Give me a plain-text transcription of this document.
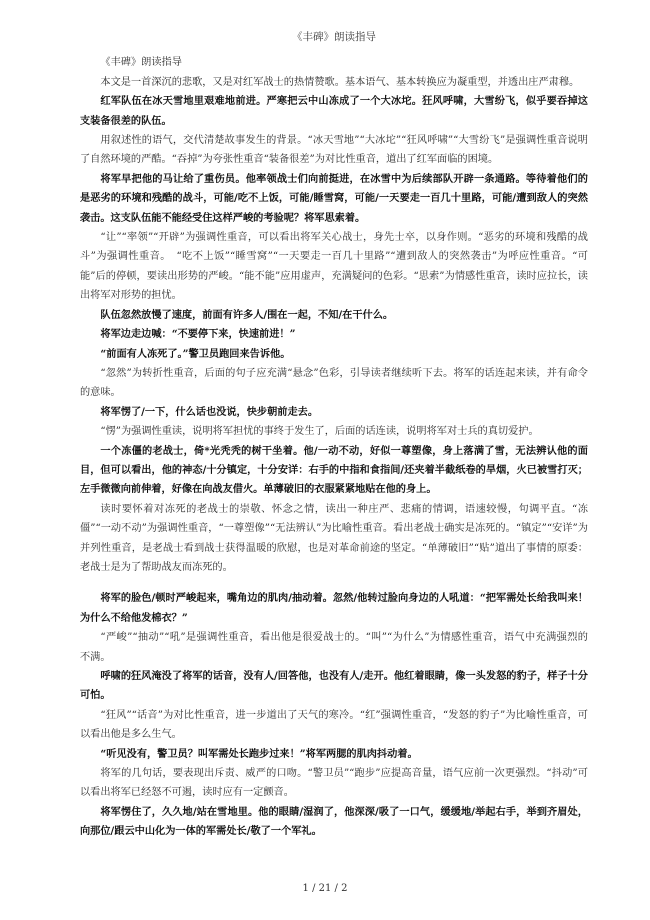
《丰碑》朗读指导

《丰碑》朗读指导

本文是一首深沉的悲歌，又是对红军战士的热情赞歌。基本语气、基本转换应为凝重型，并透出庄严肃穆。

红军队伍在冰天雪地里艰难地前进。严寒把云中山冻成了一个大冰坨。狂风呼啸，大雪纷飞，似乎要吞掉这支装备很差的队伍。

用叙述性的语气，交代清楚故事发生的背景。“冰天雪地”“大冰坨”“狂风呼啸”“大雪纷飞”是强调性重音说明了自然环境的严酷。“吞掉”为夸张性重音“装备很差”为对比性重音，道出了红军面临的困境。

将军早把他的马让给了重伤员。他率领战士们向前挺进，在冰雪中为后续部队开辟一条通路。等待着他们的是恶劣的环境和残酷的战斗，可能/吃不上饭，可能/睡雪窝，可能/一天要走一百几十里路，可能/遭到敌人的突然袭击。这支队伍能不能经受住这样严峻的考验呢？将军思索着。

“让”“率领”“开辟”为强调性重音，可以看出将军关心战士，身先士卒，以身作则。“恶劣的环境和残酷的战斗”为强调性重音。　“吃不上饭”“睡雪窝”“一天要走一百几十里路”“遭到敌人的突然袭击”为呼应性重音。“可能”后的停顿，要读出形势的严峻。“能不能”应用虚声，充满疑问的色彩。“思索”为情感性重音，读时应拉长，读出将军对形势的担忧。

队伍忽然放慢了速度，前面有许多人/围在一起，不知/在干什么。

将军边走边喊：“不要停下来，快速前进！”

“前面有人冻死了。”警卫员跑回来告诉他。

“忽然”为转折性重音，后面的句子应充满“悬念”色彩，引导读者继续听下去。将军的话连起来读，并有命令的意味。

将军愣了/一下，什么话也没说，快步朝前走去。

“愣”为强调性重读，说明将军担忧的事终于发生了，后面的话连读，说明将军对士兵的真切爱护。

一个冻僵的老战士，倚*光秃秃的树干坐着。他/一动不动，好似一尊塑像，身上落满了雪，无法辨认他的面目，但可以看出，他的神态/十分镇定，十分安详：右手的中指和食指间/还夹着半截纸卷的旱烟，火已被雪打灭；左手微微向前伸着，好像在向战友借火。单薄破旧的衣服紧紧地贴在他的身上。

读时要怀着对冻死的老战士的崇敬、怀念之情，读出一种庄严、悲痛的情调，语速较慢，句调平直。“冻僵”“一动不动”为强调性重音，“一尊塑像”“无法辨认”为比喻性重音。看出老战士确实是冻死的。“镇定”“安详”为并列性重音，是老战士看到战士获得温暖的欣慰，也是对革命前途的坚定。“单薄破旧”“贴”道出了事情的原委：老战士是为了帮助战友而冻死的。

将军的脸色/顿时严峻起来，嘴角边的肌肉/抽动着。忽然/他转过脸向身边的人吼道：“把军需处长给我叫来！为什么不给他发棉衣？”

“严峻”“抽动”“吼”是强调性重音，看出他是很爱战士的。“叫”“为什么”为情感性重音，语气中充满强烈的　不满。

呼啸的狂风淹没了将军的话音，没有人/回答他，也没有人/走开。他红着眼睛，像一头发怒的豹子，样子十分可怕。

“狂风”“话音”为对比性重音，进一步道出了天气的寒冷。“红”强调性重音，“发怒的豹子”为比喻性重音，可以看出他是多么生气。

“听见没有，警卫员？叫军需处长跑步过来！”将军两腮的肌肉抖动着。

将军的几句话，要表现出斥责、威严的口吻。“警卫员”“跑步”应提高音量，语气应前一次更强烈。“抖动”可以看出将军已经怒不可遏，读时应有一定颤音。

将军愣住了，久久地/站在雪地里。他的眼睛/湿润了，他深深/吸了一口气，缓缓地/举起右手，举到齐眉处，向那位/跟云中山化为一体的军需处长/敬了一个军礼。

1 / 21 / 2
